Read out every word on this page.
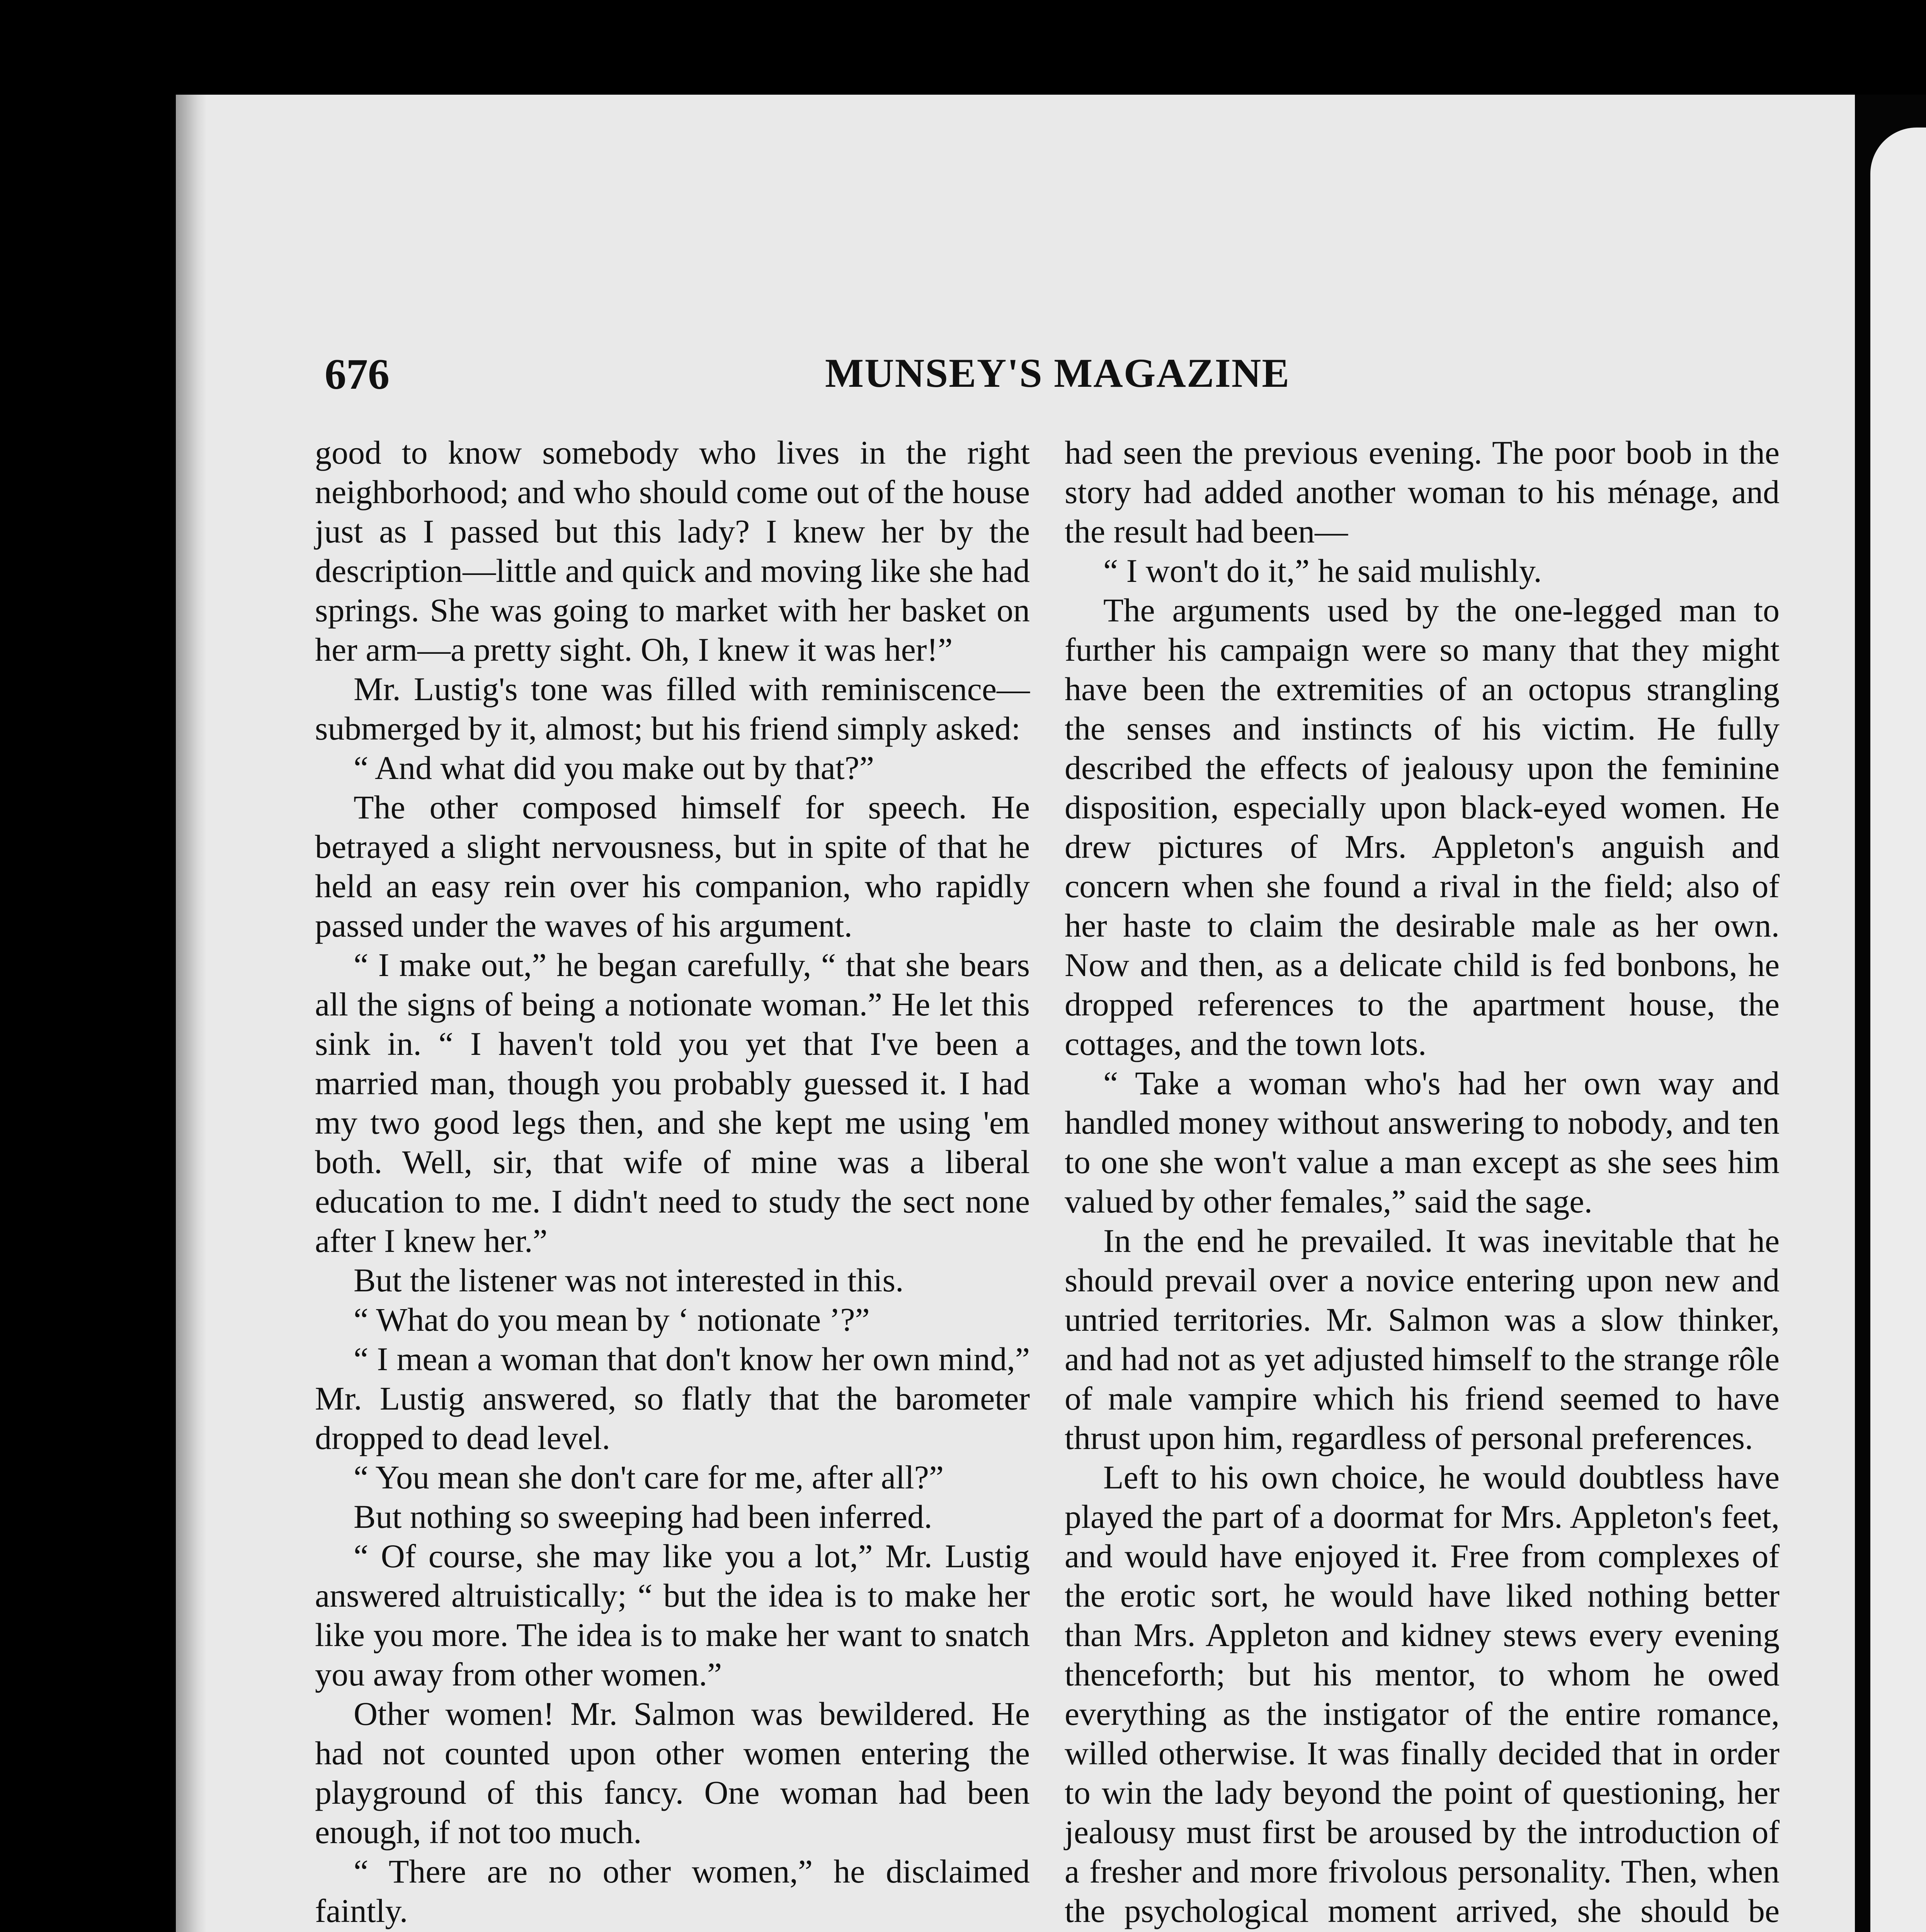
676	MUNSEY'S MAGAZINE

good to know somebody who lives in the right neighborhood; and who should come out of the house just as I passed but this lady? I knew her by the description—little and quick and moving like she had springs. She was going to market with her basket on her arm—a pretty sight. Oh, I knew it was her!”

Mr. Lustig's tone was filled with reminiscence—submerged by it, almost; but his friend simply asked:

“ And what did you make out by that?”

The other composed himself for speech. He betrayed a slight nervousness, but in spite of that he held an easy rein over his companion, who rapidly passed under the waves of his argument.

“ I make out,” he began carefully, “ that she bears all the signs of being a notionate woman.” He let this sink in. “ I haven't told you yet that I've been a married man, though you probably guessed it. I had my two good legs then, and she kept me using 'em both. Well, sir, that wife of mine was a liberal education to me. I didn't need to study the sect none after I knew her.”

But the listener was not interested in this.

“ What do you mean by ‘ notionate ’?”

“ I mean a woman that don't know her own mind,” Mr. Lustig answered, so flatly that the barometer dropped to dead level.

“ You mean she don't care for me, after all?”

But nothing so sweeping had been inferred.

“ Of course, she may like you a lot,” Mr. Lustig answered altruistically; “ but the idea is to make her like you more. The idea is to make her want to snatch you away from other women.”

Other women! Mr. Salmon was bewildered. He had not counted upon other women entering the playground of this fancy. One woman had been enough, if not too much.

“ There are no other women,” he disclaimed faintly.

had seen the previous evening. The poor boob in the story had added another woman to his ménage, and the result had been—

“ I won't do it,” he said mulishly.

The arguments used by the one-legged man to further his campaign were so many that they might have been the extremities of an octopus strangling the senses and instincts of his victim. He fully described the effects of jealousy upon the feminine disposition, especially upon black-eyed women. He drew pictures of Mrs. Appleton's anguish and concern when she found a rival in the field; also of her haste to claim the desirable male as her own. Now and then, as a delicate child is fed bonbons, he dropped references to the apartment house, the cottages, and the town lots.

“ Take a woman who's had her own way and handled money without answering to nobody, and ten to one she won't value a man except as she sees him valued by other females,” said the sage.

In the end he prevailed. It was inevitable that he should prevail over a novice entering upon new and untried territories. Mr. Salmon was a slow thinker, and had not as yet adjusted himself to the strange rôle of male vampire which his friend seemed to have thrust upon him, regardless of personal preferences.

Left to his own choice, he would doubtless have played the part of a doormat for Mrs. Appleton's feet, and would have enjoyed it. Free from complexes of the erotic sort, he would have liked nothing better than Mrs. Appleton and kidney stews every evening thenceforth; but his mentor, to whom he owed everything as the instigator of the entire romance, willed otherwise. It was finally decided that in order to win the lady beyond the point of questioning, her jealousy must first be aroused by the introduction of a fresher and more frivolous personality. Then, when the psychological moment arrived, she should be
